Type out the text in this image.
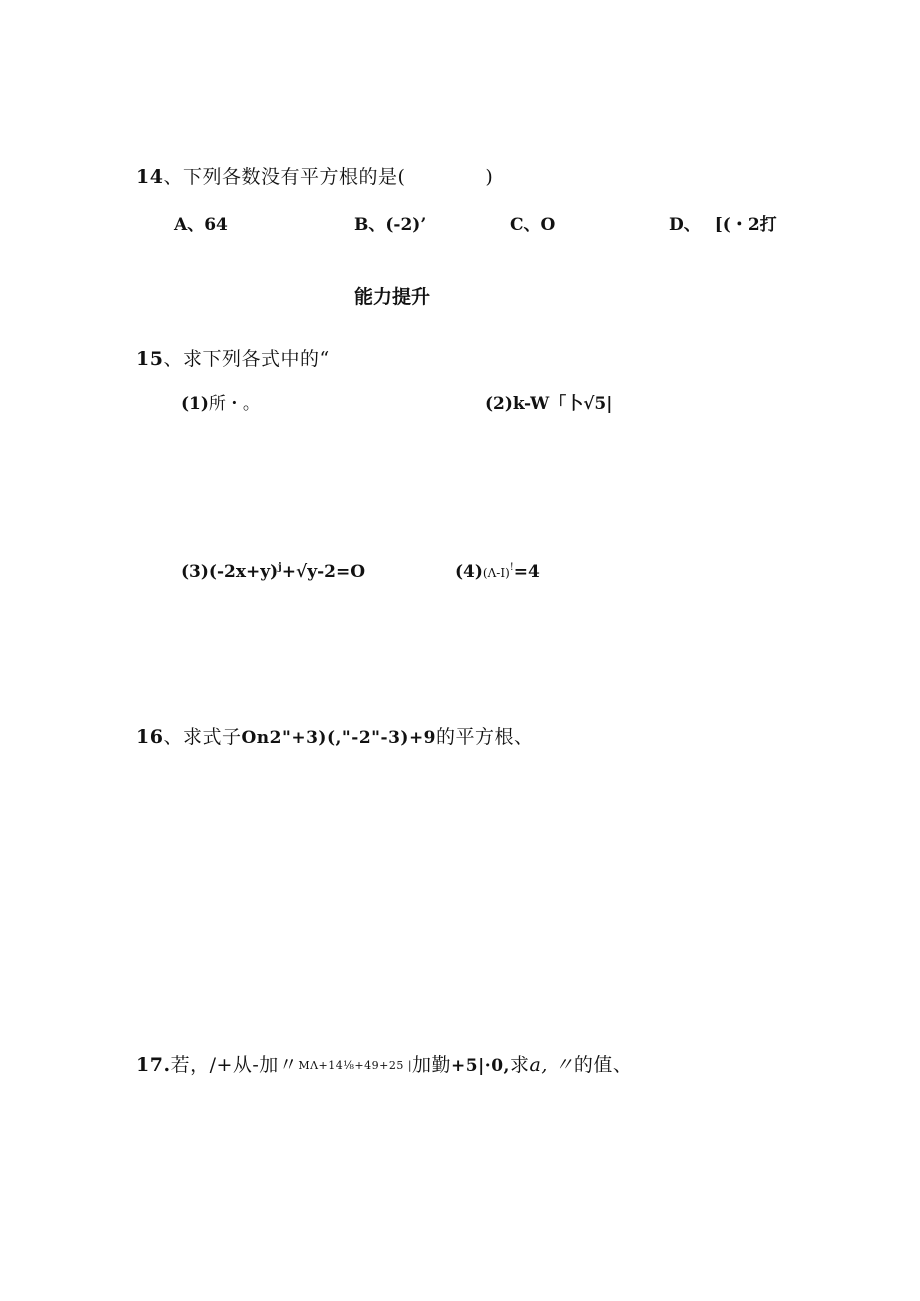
14、下列各数没有平方根的是(	)
A、64	B、(-2)’	C、O	D、 [(・2打
能力提升
15、求下列各式中的“
(1)所・。	(2)k-W「卜√5|
$(3)(-2x+y)^j+√y-2=O$	(4)(Λ-I)!=4
16、求式子On2"+3)(,"-2"-3)+9的平方根、
17.若，/+从-加〃MΛ+14⅛+49+25 |加勤+5|·0,求a, 〃的值、
